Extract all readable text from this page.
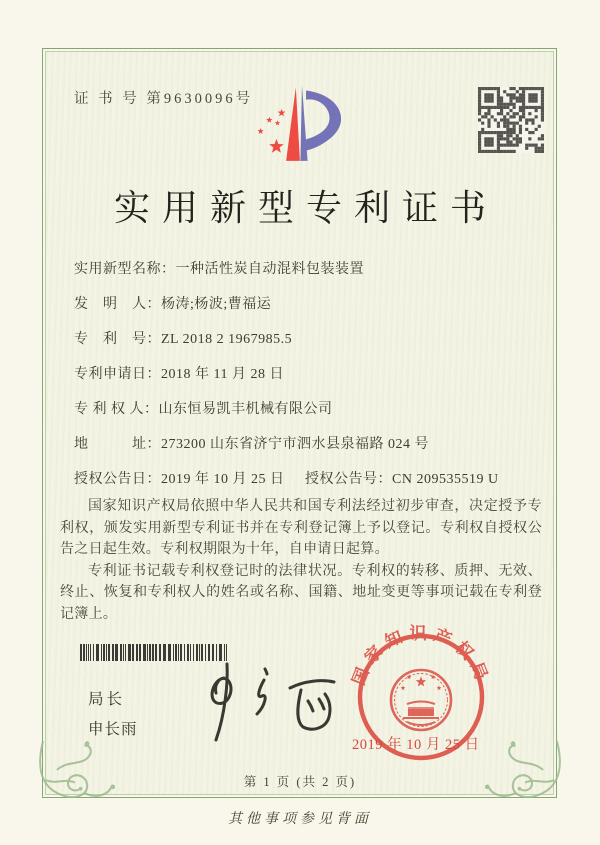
证 书 号 第9630096号
实用新型专利证书
实用新型名称：一种活性炭自动混料包装装置
发　明　人：杨涛;杨波;曹福运
专　利　号：ZL 2018 2 1967985.5
专利申请日：2018 年 11 月 28 日
专 利 权 人：山东恒易凯丰机械有限公司
地　　　址：273200 山东省济宁市泗水县泉福路 024 号
授权公告日：2019 年 10 月 25 日 授权公告号：CN 209535519 U

国家知识产权局依照中华人民共和国专利法经过初步审查，决定授予专利权，颁发实用新型专利证书并在专利登记簿上予以登记。专利权自授权公告之日起生效。专利权期限为十年，自申请日起算。

专利证书记载专利权登记时的法律状况。专利权的转移、质押、无效、终止、恢复和专利权人的姓名或名称、国籍、地址变更等事项记载在专利登记簿上。

局长
申长雨
国家知识产权局
2019 年 10 月 25 日
第 1 页 (共 2 页)
其他事项参见背面
